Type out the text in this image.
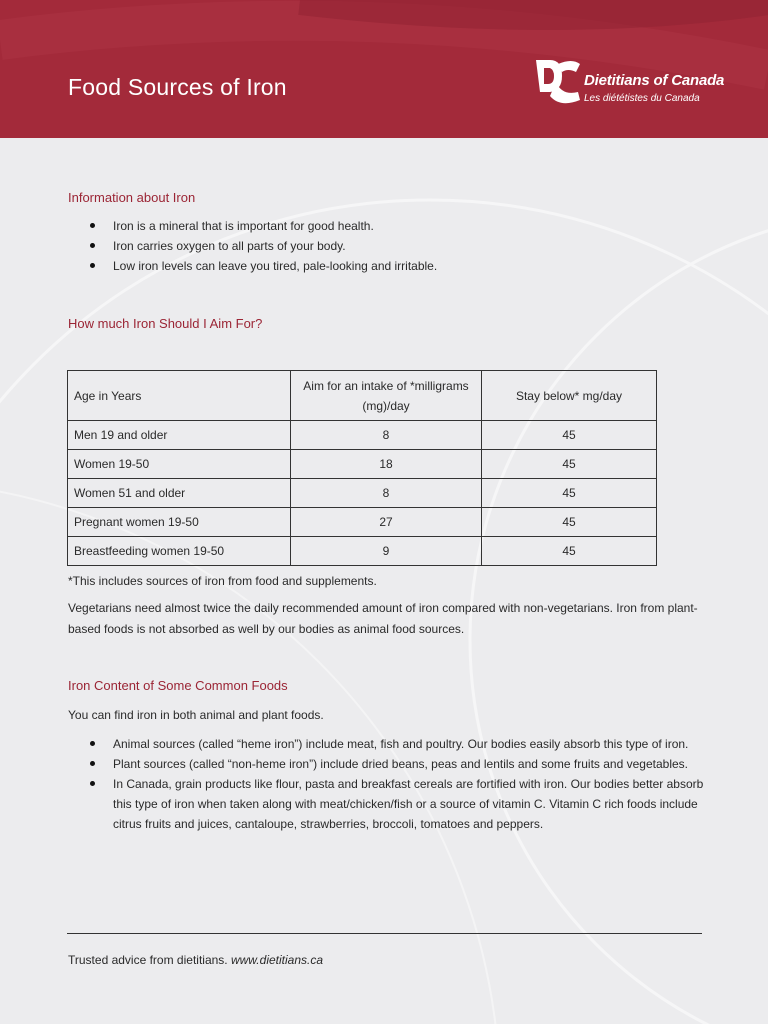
Food Sources of Iron	Dietitians of Canada
Les diététistes du Canada
Information about Iron
Iron is a mineral that is important for good health.
Iron carries oxygen to all parts of your body.
Low iron levels can leave you tired, pale-looking and irritable.
How much Iron Should I Aim For?
Age in Years	Aim for an intake of *milligrams (mg)/day	Stay below* mg/day
Men 19 and older	8	45
Women 19-50	18	45
Women 51 and older	8	45
Pregnant women 19-50	27	45
Breastfeeding women 19-50	9	45
*This includes sources of iron from food and supplements.
Vegetarians need almost twice the daily recommended amount of iron compared with non-vegetarians. Iron from plant-based foods is not absorbed as well by our bodies as animal food sources.
Iron Content of Some Common Foods
You can find iron in both animal and plant foods.
Animal sources (called “heme iron”) include meat, fish and poultry. Our bodies easily absorb this type of iron.
Plant sources (called “non-heme iron”) include dried beans, peas and lentils and some fruits and vegetables.
In Canada, grain products like flour, pasta and breakfast cereals are fortified with iron. Our bodies better absorb this type of iron when taken along with meat/chicken/fish or a source of vitamin C. Vitamin C rich foods include citrus fruits and juices, cantaloupe, strawberries, broccoli, tomatoes and peppers.
Trusted advice from dietitians. www.dietitians.ca
